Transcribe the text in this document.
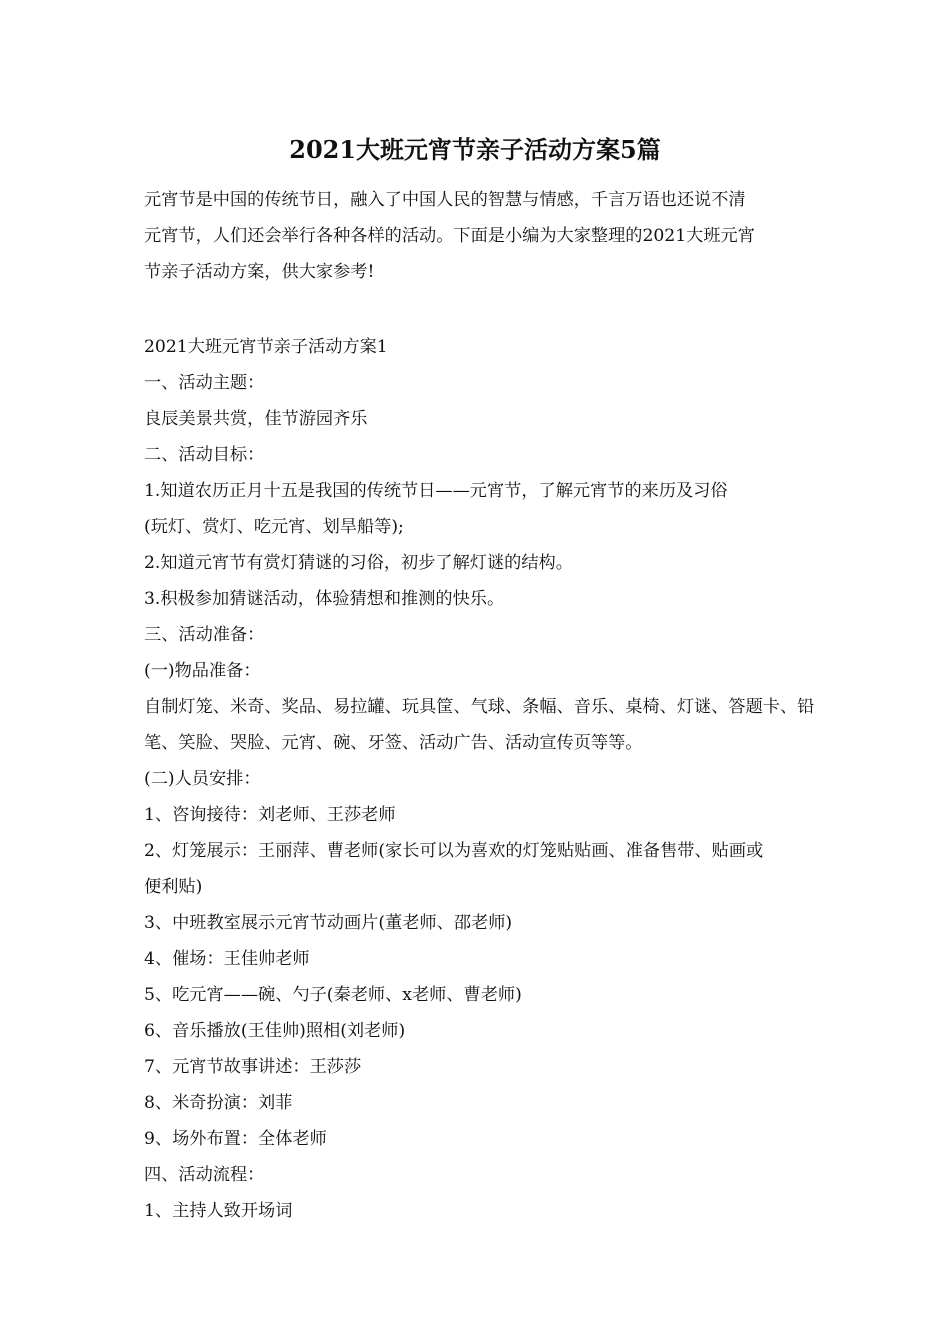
2021大班元宵节亲子活动方案5篇
元宵节是中国的传统节日，融入了中国人民的智慧与情感，千言万语也还说不清
元宵节，人们还会举行各种各样的活动。下面是小编为大家整理的2021大班元宵
节亲子活动方案，供大家参考!
2021大班元宵节亲子活动方案1
一、活动主题：
良辰美景共赏，佳节游园齐乐
二、活动目标：
1.知道农历正月十五是我国的传统节日——元宵节，了解元宵节的来历及习俗
(玩灯、赏灯、吃元宵、划旱船等);
2.知道元宵节有赏灯猜谜的习俗，初步了解灯谜的结构。
3.积极参加猜谜活动，体验猜想和推测的快乐。
三、活动准备：
(一)物品准备：
自制灯笼、米奇、奖品、易拉罐、玩具筐、气球、条幅、音乐、桌椅、灯谜、答题卡、铅
笔、笑脸、哭脸、元宵、碗、牙签、活动广告、活动宣传页等等。
(二)人员安排：
1、咨询接待：刘老师、王莎老师
2、灯笼展示：王丽萍、曹老师(家长可以为喜欢的灯笼贴贴画、准备售带、贴画或
便利贴)
3、中班教室展示元宵节动画片(董老师、邵老师)
4、催场：王佳帅老师
5、吃元宵——碗、勺子(秦老师、x老师、曹老师)
6、音乐播放(王佳帅)照相(刘老师)
7、元宵节故事讲述：王莎莎
8、米奇扮演：刘菲
9、场外布置：全体老师
四、活动流程：
1、主持人致开场词
